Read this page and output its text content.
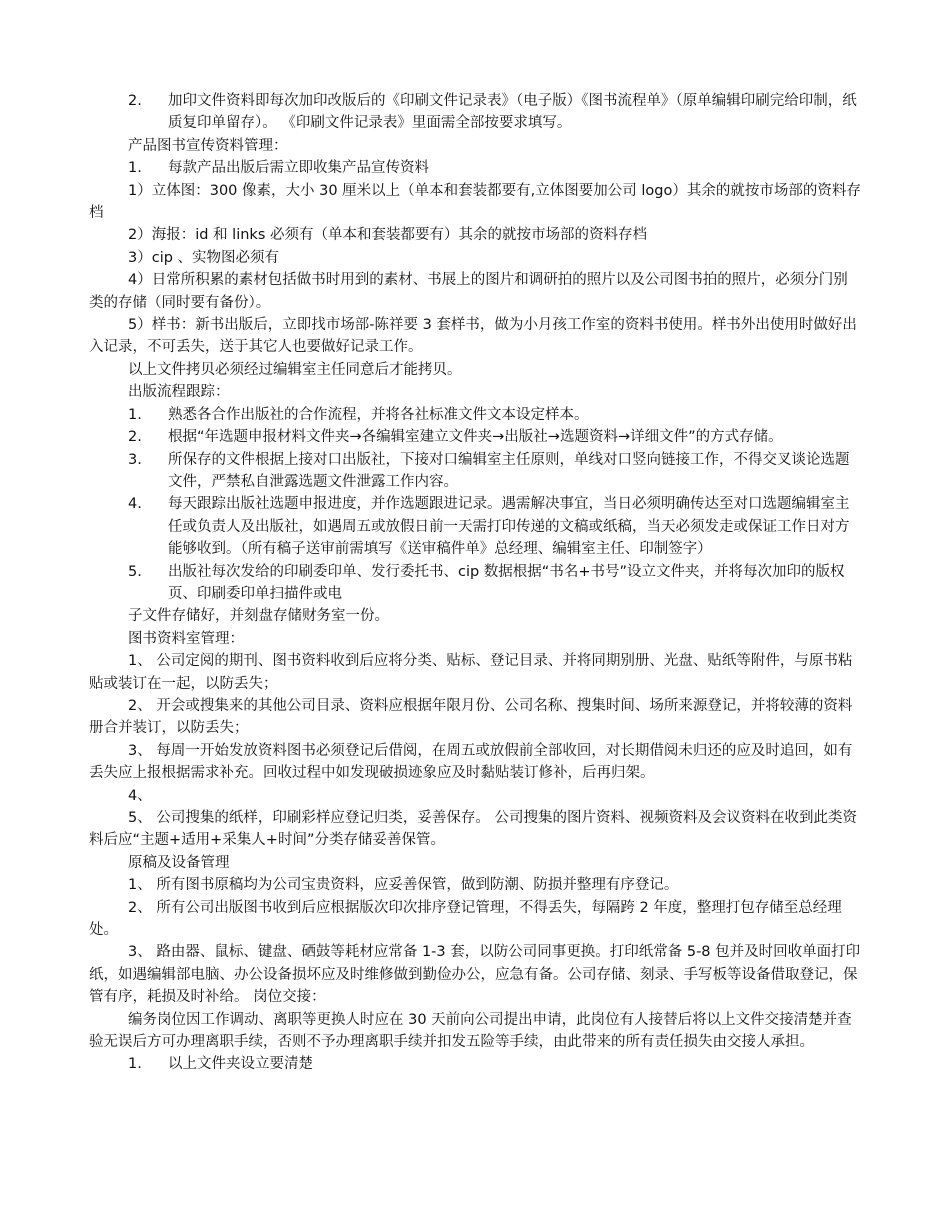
2.	加印文件资料即每次加印改版后的《印刷文件记录表》（电子版）《图书流程单》（原单编辑印刷完给印制，纸质复印单留存）。 《印刷文件记录表》里面需全部按要求填写。

产品图书宣传资料管理：

1.	每款产品出版后需立即收集产品宣传资料

1）立体图：300 像素，大小 30 厘米以上（单本和套装都要有,立体图要加公司 logo）其余的就按市场部的资料存档

2）海报：id 和 links 必须有（单本和套装都要有）其余的就按市场部的资料存档

3）cip 、实物图必须有

4）日常所积累的素材包括做书时用到的素材、书展上的图片和调研拍的照片以及公司图书拍的照片，必须分门别类的存储（同时要有备份）。

5）样书：新书出版后，立即找市场部-陈祥要 3 套样书，做为小月孩工作室的资料书使用。样书外出使用时做好出入记录，不可丢失，送于其它人也要做好记录工作。

以上文件拷贝必须经过编辑室主任同意后才能拷贝。

出版流程跟踪：

1.	熟悉各合作出版社的合作流程，并将各社标准文件文本设定样本。
2.	根据“年选题申报材料文件夹→各编辑室建立文件夹→出版社→选题资料→详细文件”的方式存储。
3.	所保存的文件根据上接对口出版社，下接对口编辑室主任原则，单线对口竖向链接工作，不得交叉谈论选题文件，严禁私自泄露选题文件泄露工作内容。
4.	每天跟踪出版社选题申报进度，并作选题跟进记录。遇需解决事宜，当日必须明确传达至对口选题编辑室主任或负责人及出版社，如遇周五或放假日前一天需打印传递的文稿或纸稿，当天必须发走或保证工作日对方能够收到。（所有稿子送审前需填写《送审稿件单》总经理、编辑室主任、印制签字）
5.	出版社每次发给的印刷委印单、发行委托书、cip 数据根据“书名+书号”设立文件夹，并将每次加印的版权页、印刷委印单扫描件或电

子文件存储好，并刻盘存储财务室一份。

图书资料室管理：

1、 公司定阅的期刊、图书资料收到后应将分类、贴标、登记目录、并将同期别册、光盘、贴纸等附件，与原书粘贴或装订在一起，以防丢失；

2、 开会或搜集来的其他公司目录、资料应根据年限月份、公司名称、搜集时间、场所来源登记，并将较薄的资料册合并装订，以防丢失；

3、 每周一开始发放资料图书必须登记后借阅，在周五或放假前全部收回，对长期借阅未归还的应及时追回，如有丢失应上报根据需求补充。回收过程中如发现破损迹象应及时黏贴装订修补，后再归架。

4、

5、 公司搜集的纸样，印刷彩样应登记归类，妥善保存。 公司搜集的图片资料、视频资料及会议资料在收到此类资料后应“主题+适用+采集人+时间”分类存储妥善保管。

原稿及设备管理

1、 所有图书原稿均为公司宝贵资料，应妥善保管，做到防潮、防损并整理有序登记。

2、 所有公司出版图书收到后应根据版次印次排序登记管理，不得丢失，每隔跨 2 年度，整理打包存储至总经理处。

3、 路由器、鼠标、键盘、硒鼓等耗材应常备 1-3 套，以防公司同事更换。打印纸常备 5-8 包并及时回收单面打印纸，如遇编辑部电脑、办公设备损坏应及时维修做到勤俭办公，应急有备。公司存储、刻录、手写板等设备借取登记，保管有序，耗损及时补给。 岗位交接：

编务岗位因工作调动、离职等更换人时应在 30 天前向公司提出申请，此岗位有人接替后将以上文件交接清楚并查验无误后方可办理离职手续，否则不予办理离职手续并扣发五险等手续，由此带来的所有责任损失由交接人承担。

1.	以上文件夹设立要清楚
